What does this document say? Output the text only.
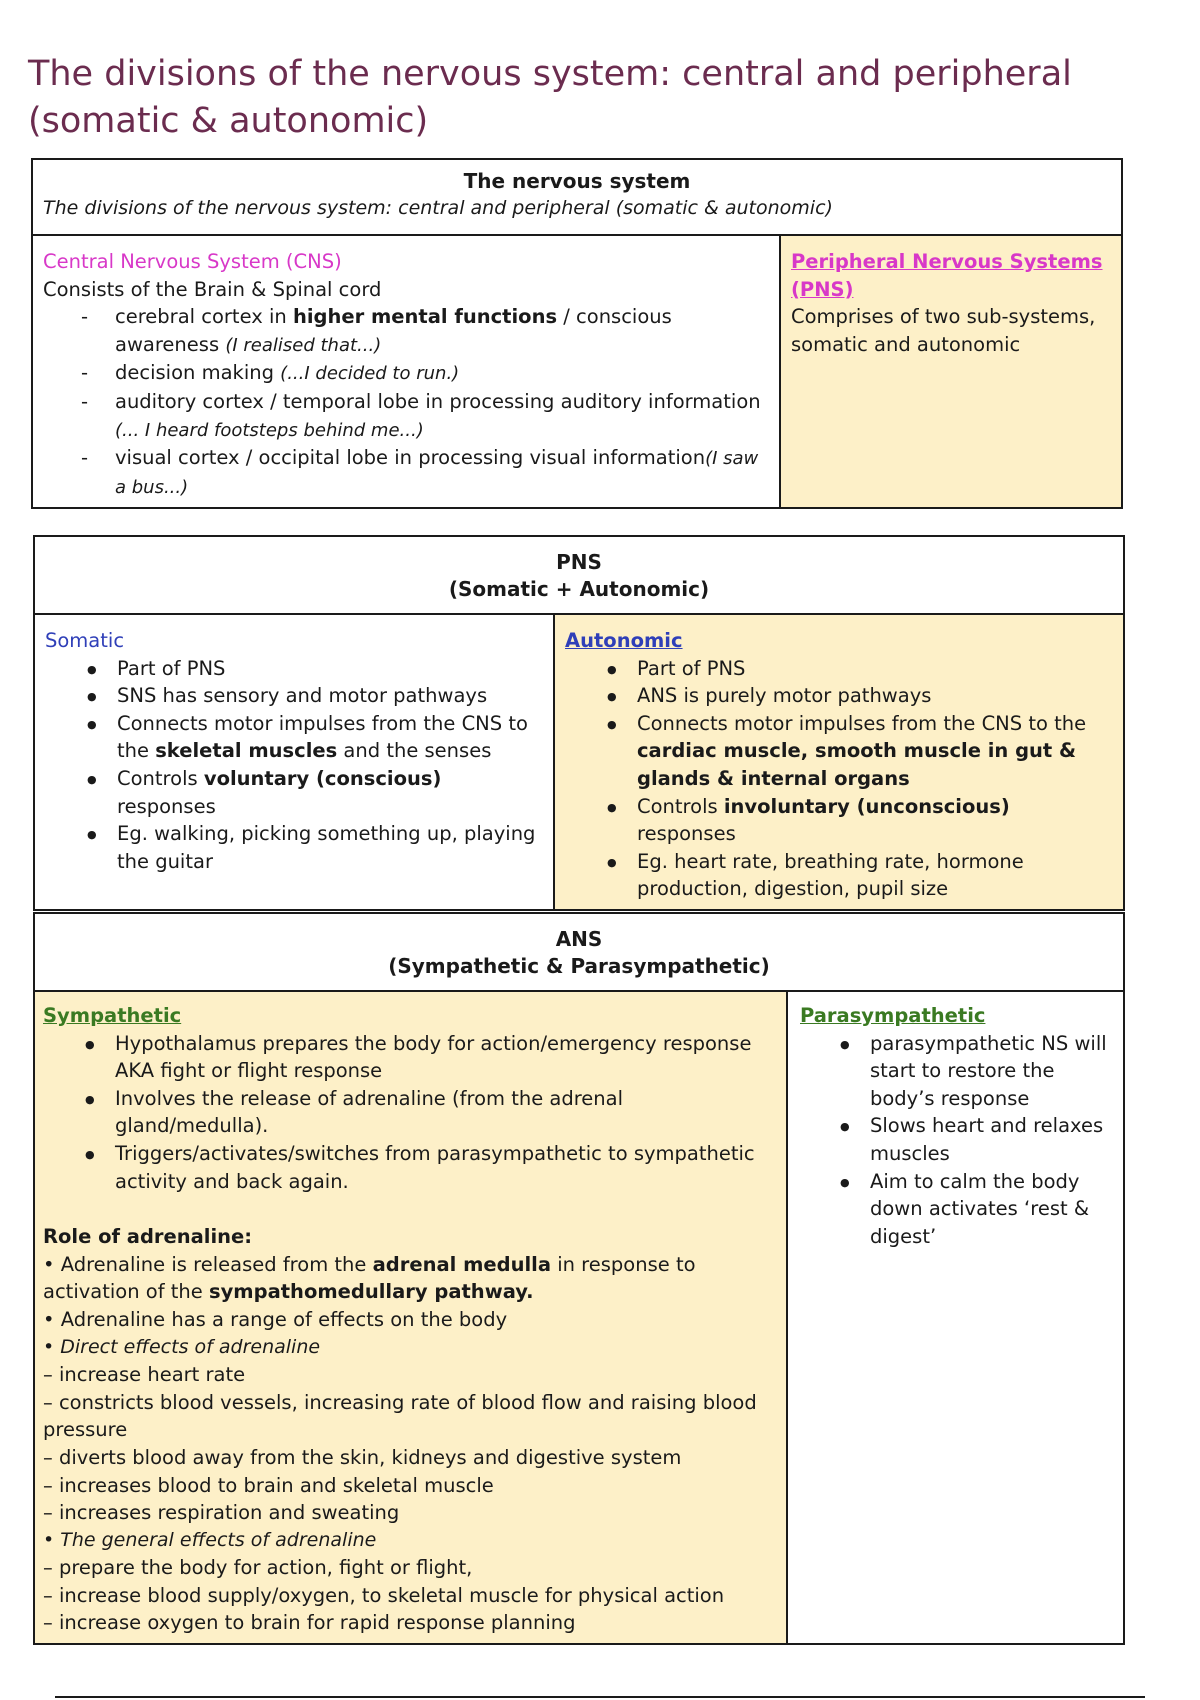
The divisions of the nervous system: central and peripheral (somatic & autonomic)
The nervous system
The divisions of the nervous system: central and peripheral (somatic & autonomic)

Central Nervous System (CNS)
Consists of the Brain & Spinal cord
- cerebral cortex in higher mental functions / conscious awareness (I realised that...)
- decision making (...I decided to run.)
- auditory cortex / temporal lobe in processing auditory information (... I heard footsteps behind me...)
- visual cortex / occipital lobe in processing visual information(I saw a bus...)

Peripheral Nervous Systems (PNS)
Comprises of two sub-systems, somatic and autonomic
PNS
(Somatic + Autonomic)

Somatic
● Part of PNS
● SNS has sensory and motor pathways
● Connects motor impulses from the CNS to the skeletal muscles and the senses
● Controls voluntary (conscious) responses
● Eg. walking, picking something up, playing the guitar

Autonomic
● Part of PNS
● ANS is purely motor pathways
● Connects motor impulses from the CNS to the cardiac muscle, smooth muscle in gut & glands & internal organs
● Controls involuntary (unconscious) responses
● Eg. heart rate, breathing rate, hormone production, digestion, pupil size
ANS
(Sympathetic & Parasympathetic)

Sympathetic
● Hypothalamus prepares the body for action/emergency response AKA fight or flight response
● Involves the release of adrenaline (from the adrenal gland/medulla).
● Triggers/activates/switches from parasympathetic to sympathetic activity and back again.
Role of adrenaline:
• Adrenaline is released from the adrenal medulla in response to activation of the sympathomedullary pathway.
• Adrenaline has a range of effects on the body
• Direct effects of adrenaline
– increase heart rate
– constricts blood vessels, increasing rate of blood flow and raising blood pressure
– diverts blood away from the skin, kidneys and digestive system
– increases blood to brain and skeletal muscle
– increases respiration and sweating
• The general effects of adrenaline
– prepare the body for action, fight or flight,
– increase blood supply/oxygen, to skeletal muscle for physical action
– increase oxygen to brain for rapid response planning

Parasympathetic
● parasympathetic NS will start to restore the body’s response
● Slows heart and relaxes muscles
● Aim to calm the body down activates ‘rest & digest’
